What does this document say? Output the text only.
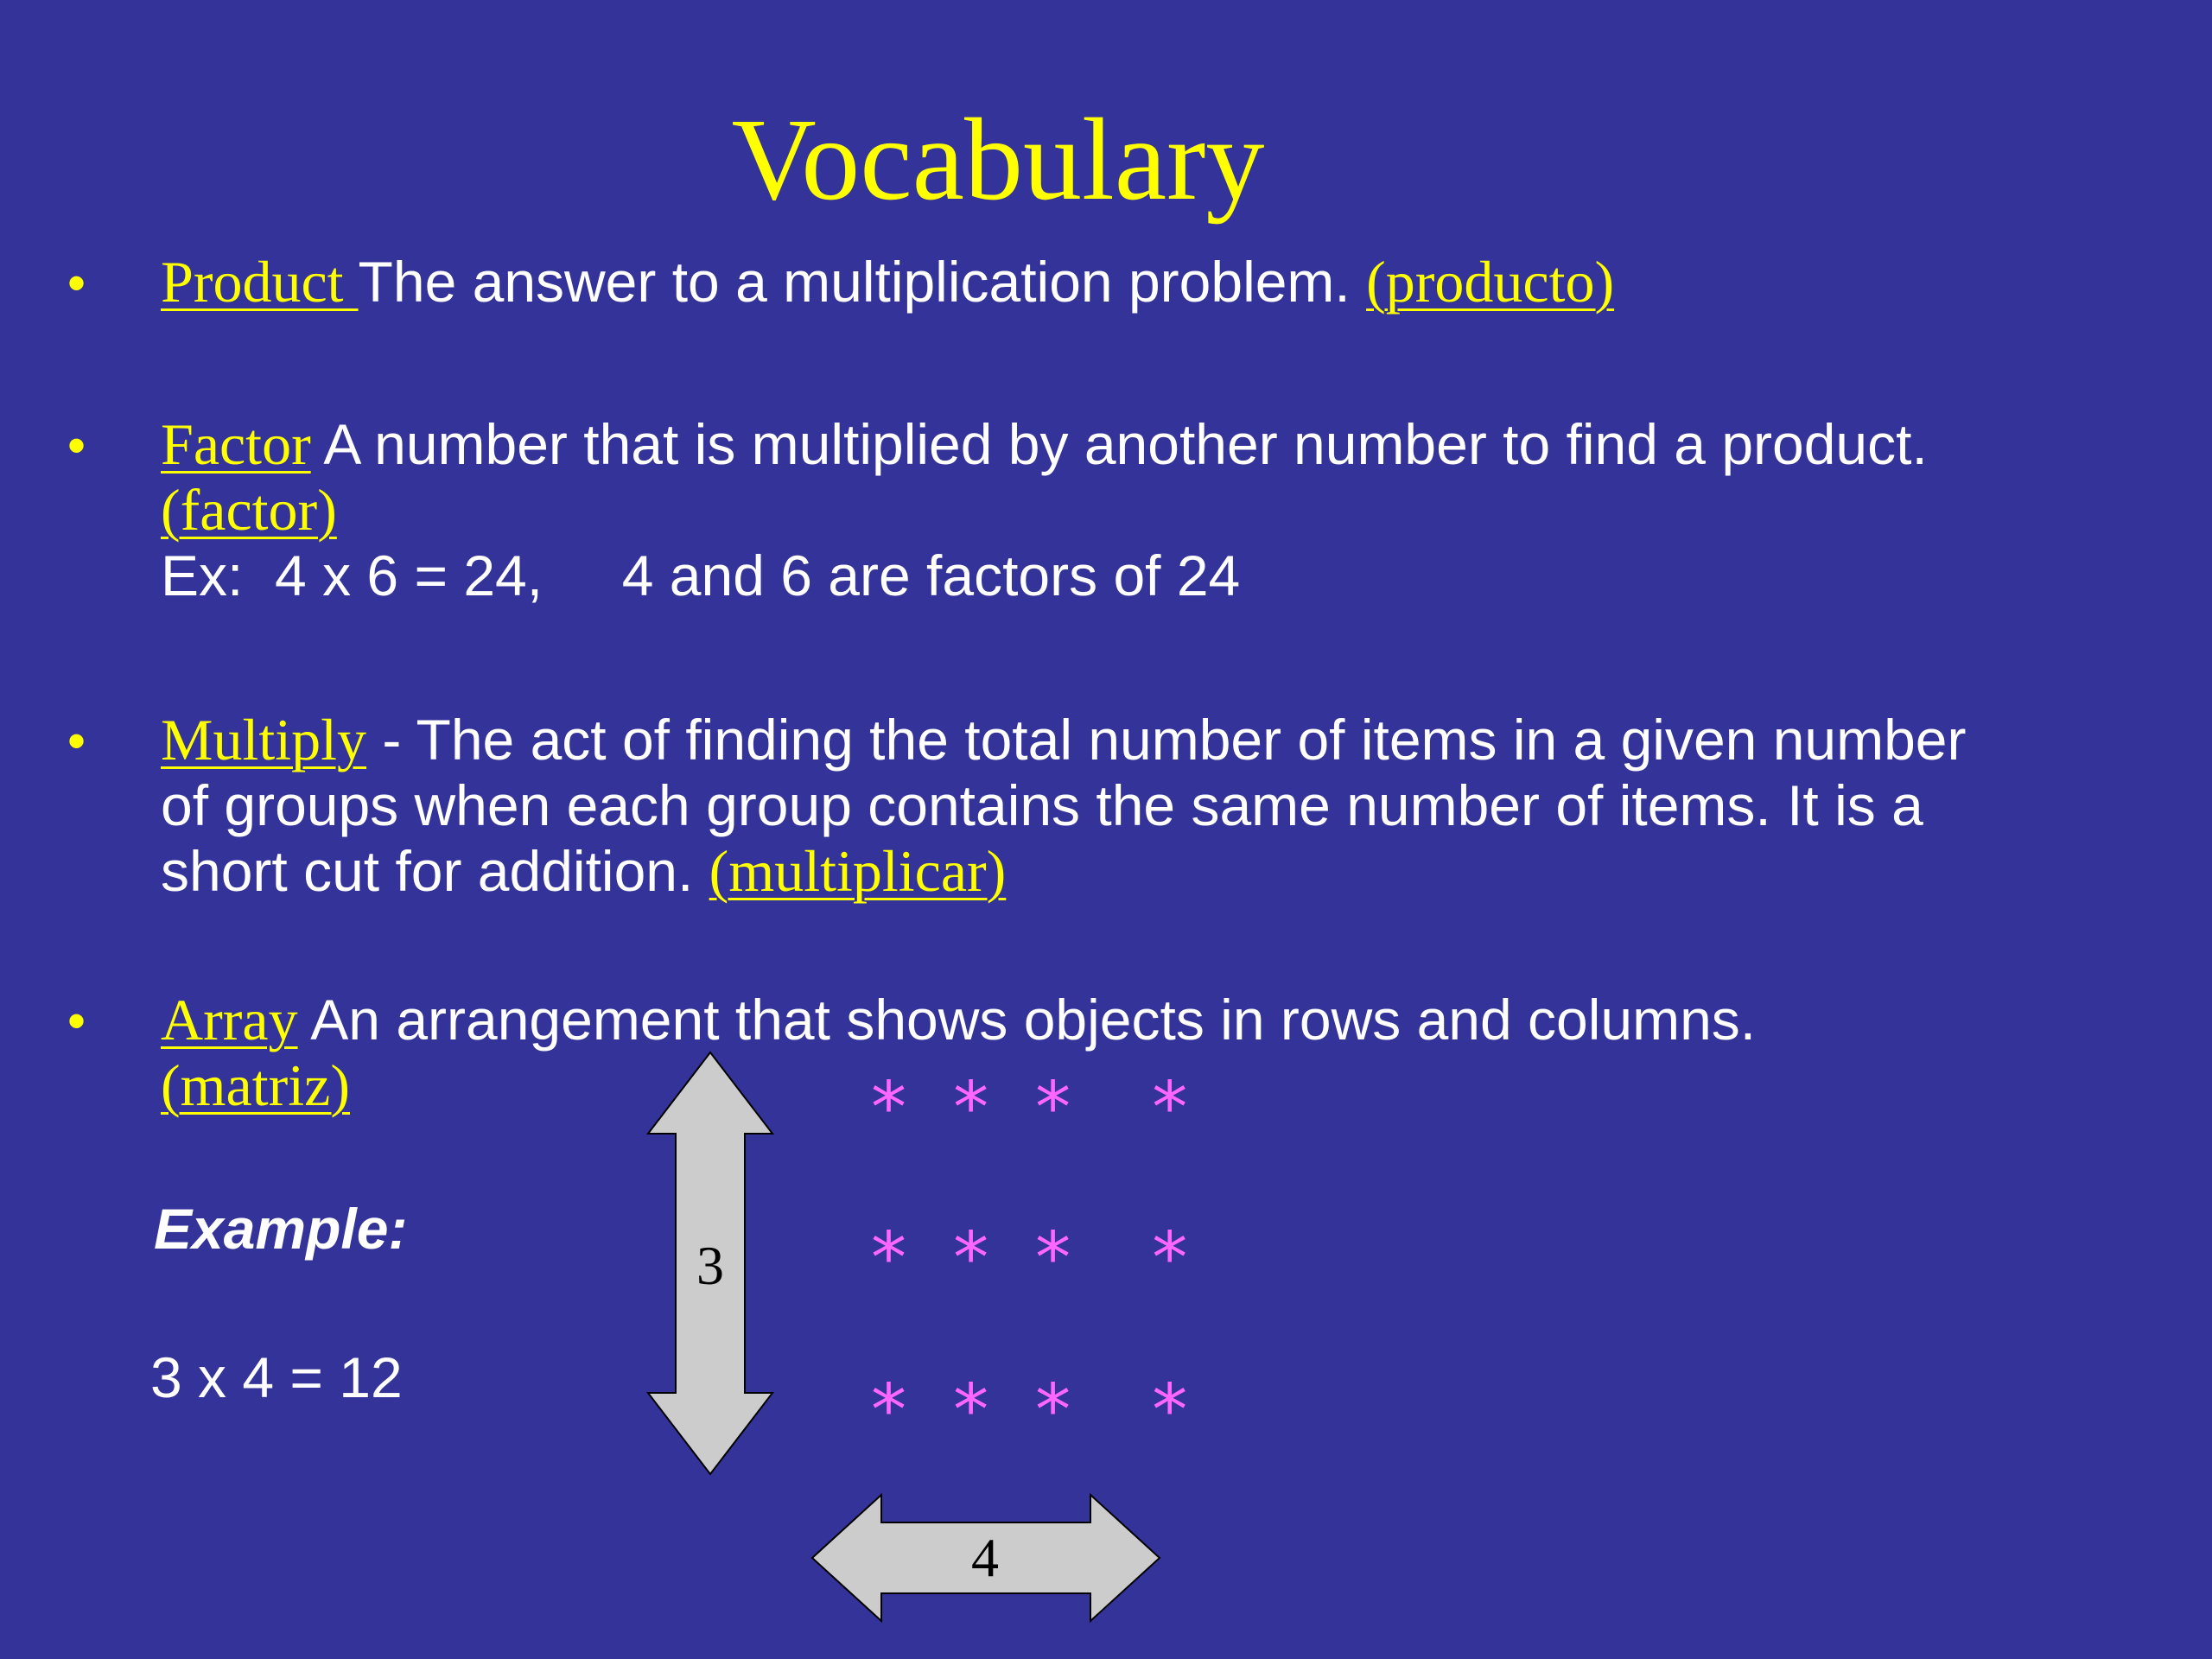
Vocabulary
• Product The answer to a multiplication problem. (producto)
• Factor A number that is multiplied by another number to find a product. (factor)
Ex:  4 x 6 = 24,     4 and 6 are factors of 24
• Multiply - The act of finding the total number of items in a given number of groups when each group contains the same number of items. It is a short cut for addition. (multiplicar)
• Array An arrangement that shows objects in rows and columns.
(matriz)
Example:
3 x 4 = 12
3
4
* * *  *
* * *  *
* * *  *
